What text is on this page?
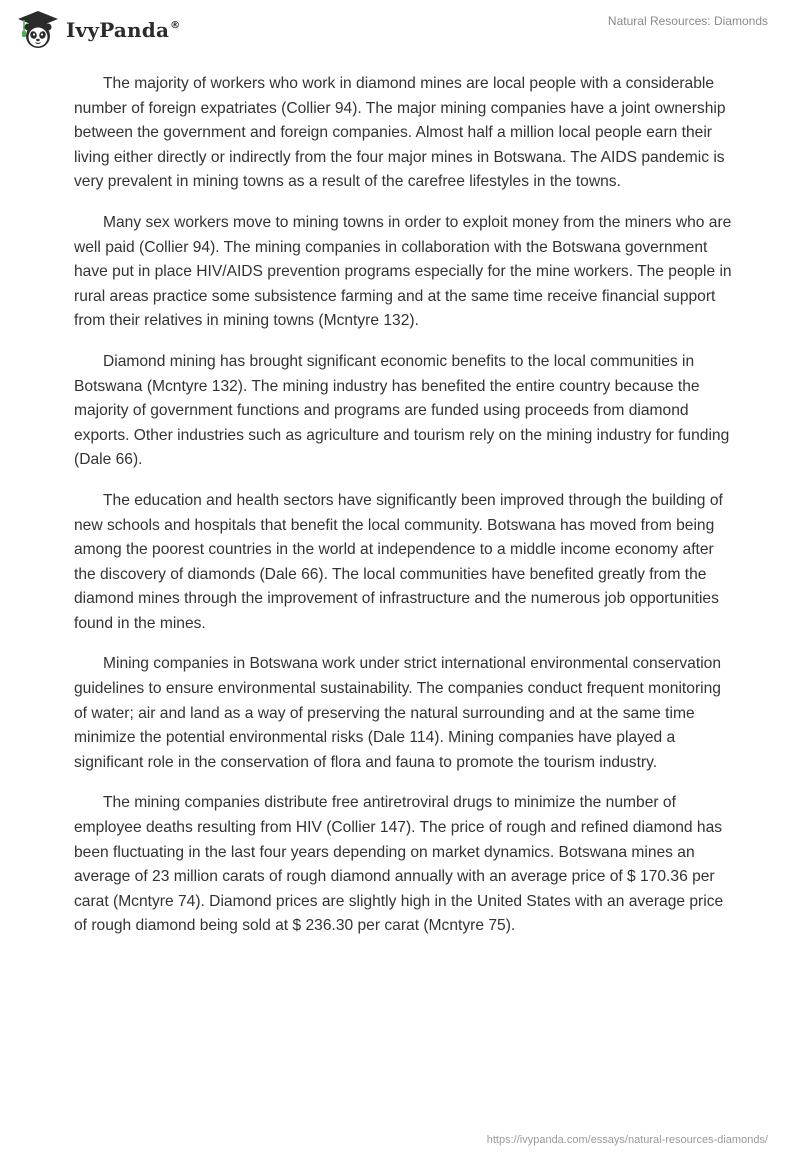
IvyPanda®	Natural Resources: Diamonds

The majority of workers who work in diamond mines are local people with a considerable number of foreign expatriates (Collier 94). The major mining companies have a joint ownership between the government and foreign companies. Almost half a million local people earn their living either directly or indirectly from the four major mines in Botswana. The AIDS pandemic is very prevalent in mining towns as a result of the carefree lifestyles in the towns.

Many sex workers move to mining towns in order to exploit money from the miners who are well paid (Collier 94). The mining companies in collaboration with the Botswana government have put in place HIV/AIDS prevention programs especially for the mine workers. The people in rural areas practice some subsistence farming and at the same time receive financial support from their relatives in mining towns (Mcntyre 132).

Diamond mining has brought significant economic benefits to the local communities in Botswana (Mcntyre 132). The mining industry has benefited the entire country because the majority of government functions and programs are funded using proceeds from diamond exports. Other industries such as agriculture and tourism rely on the mining industry for funding (Dale 66).

The education and health sectors have significantly been improved through the building of new schools and hospitals that benefit the local community. Botswana has moved from being among the poorest countries in the world at independence to a middle income economy after the discovery of diamonds (Dale 66). The local communities have benefited greatly from the diamond mines through the improvement of infrastructure and the numerous job opportunities found in the mines.

Mining companies in Botswana work under strict international environmental conservation guidelines to ensure environmental sustainability. The companies conduct frequent monitoring of water; air and land as a way of preserving the natural surrounding and at the same time minimize the potential environmental risks (Dale 114). Mining companies have played a significant role in the conservation of flora and fauna to promote the tourism industry.

The mining companies distribute free antiretroviral drugs to minimize the number of employee deaths resulting from HIV (Collier 147). The price of rough and refined diamond has been fluctuating in the last four years depending on market dynamics. Botswana mines an average of 23 million carats of rough diamond annually with an average price of $ 170.36 per carat (Mcntyre 74). Diamond prices are slightly high in the United States with an average price of rough diamond being sold at $ 236.30 per carat (Mcntyre 75).

https://ivypanda.com/essays/natural-resources-diamonds/
